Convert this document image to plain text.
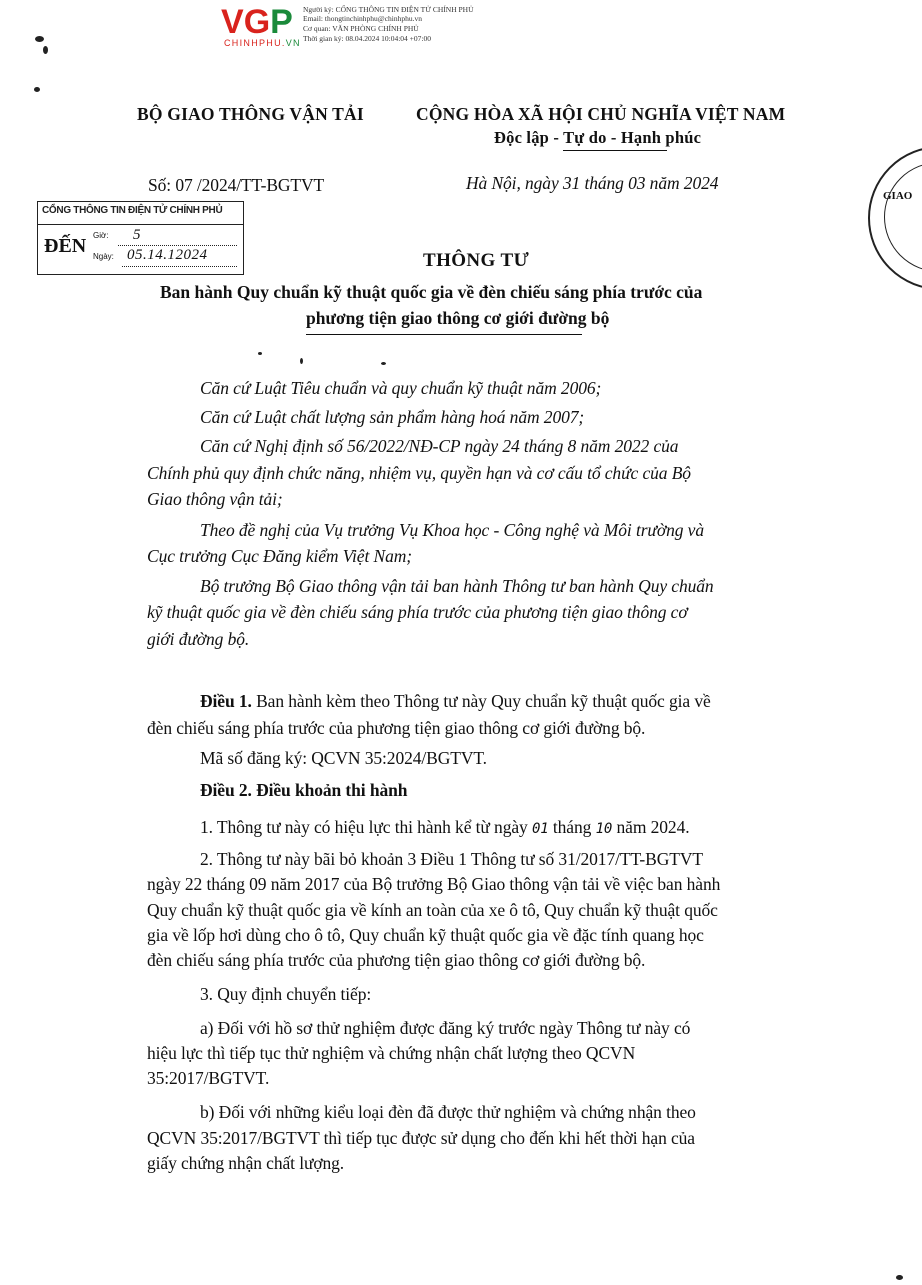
VGP
CHINHPHU.VN
Người ký: CỔNG THÔNG TIN ĐIỆN TỬ CHÍNH PHỦ
Email: thongtinchinhphu@chinhphu.vn
Cơ quan: VĂN PHÒNG CHÍNH PHỦ
Thời gian ký: 08.04.2024 10:04:04 +07:00
BỘ GIAO THÔNG VẬN TẢI	CỘNG HÒA XÃ HỘI CHỦ NGHĨA VIỆT NAM
Độc lập - Tự do - Hạnh phúc
Số: 07 /2024/TT-BGTVT	Hà Nội, ngày 31 tháng 03 năm 2024
CỔNG THÔNG TIN ĐIỆN TỬ CHÍNH PHỦ
ĐẾN Giờ: 5
Ngày: 05.14.12024
GIAO
THÔNG TƯ
Ban hành Quy chuẩn kỹ thuật quốc gia về đèn chiếu sáng phía trước của
phương tiện giao thông cơ giới đường bộ
Căn cứ Luật Tiêu chuẩn và quy chuẩn kỹ thuật năm 2006;
Căn cứ Luật chất lượng sản phẩm hàng hoá năm 2007;
Căn cứ Nghị định số 56/2022/NĐ-CP ngày 24 tháng 8 năm 2022 của
Chính phủ quy định chức năng, nhiệm vụ, quyền hạn và cơ cấu tổ chức của Bộ
Giao thông vận tải;
Theo đề nghị của Vụ trưởng Vụ Khoa học - Công nghệ và Môi trường và
Cục trưởng Cục Đăng kiểm Việt Nam;
Bộ trưởng Bộ Giao thông vận tải ban hành Thông tư ban hành Quy chuẩn
kỹ thuật quốc gia về đèn chiếu sáng phía trước của phương tiện giao thông cơ
giới đường bộ.
Điều 1. Ban hành kèm theo Thông tư này Quy chuẩn kỹ thuật quốc gia về
đèn chiếu sáng phía trước của phương tiện giao thông cơ giới đường bộ.
Mã số đăng ký: QCVN 35:2024/BGTVT.
Điều 2. Điều khoản thi hành
1. Thông tư này có hiệu lực thi hành kể từ ngày 01 tháng 10 năm 2024.
2. Thông tư này bãi bỏ khoản 3 Điều 1 Thông tư số 31/2017/TT-BGTVT
ngày 22 tháng 09 năm 2017 của Bộ trưởng Bộ Giao thông vận tải về việc ban hành
Quy chuẩn kỹ thuật quốc gia về kính an toàn của xe ô tô, Quy chuẩn kỹ thuật quốc
gia về lốp hơi dùng cho ô tô, Quy chuẩn kỹ thuật quốc gia về đặc tính quang học
đèn chiếu sáng phía trước của phương tiện giao thông cơ giới đường bộ.
3. Quy định chuyển tiếp:
a) Đối với hồ sơ thử nghiệm được đăng ký trước ngày Thông tư này có
hiệu lực thì tiếp tục thử nghiệm và chứng nhận chất lượng theo QCVN
35:2017/BGTVT.
b) Đối với những kiểu loại đèn đã được thử nghiệm và chứng nhận theo
QCVN 35:2017/BGTVT thì tiếp tục được sử dụng cho đến khi hết thời hạn của
giấy chứng nhận chất lượng.
